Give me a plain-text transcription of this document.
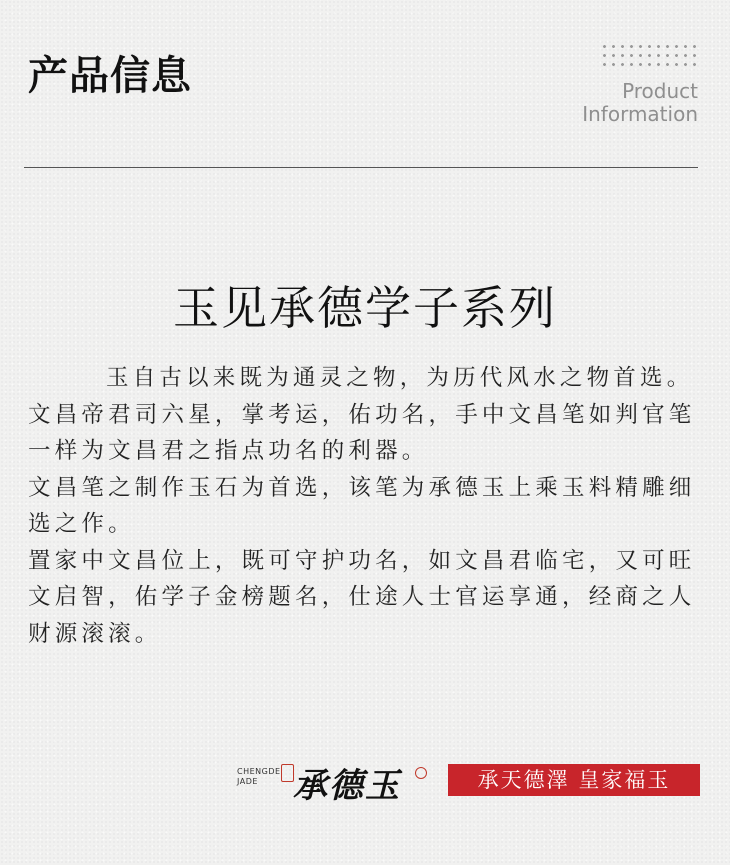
产品信息	Product
Information
玉见承德学子系列

玉自古以来既为通灵之物，为历代风水之物首选。文昌帝君司六星，掌考运，佑功名，手中文昌笔如判官笔一样为文昌君之指点功名的利器。

文昌笔之制作玉石为首选，该笔为承德玉上乘玉料精雕细选之作。

置家中文昌位上，既可守护功名，如文昌君临宅，又可旺文启智，佑学子金榜题名，仕途人士官运享通，经商之人财源滚滚。

CHENGDE
JADE	承德玉	承天德澤 皇家福玉
